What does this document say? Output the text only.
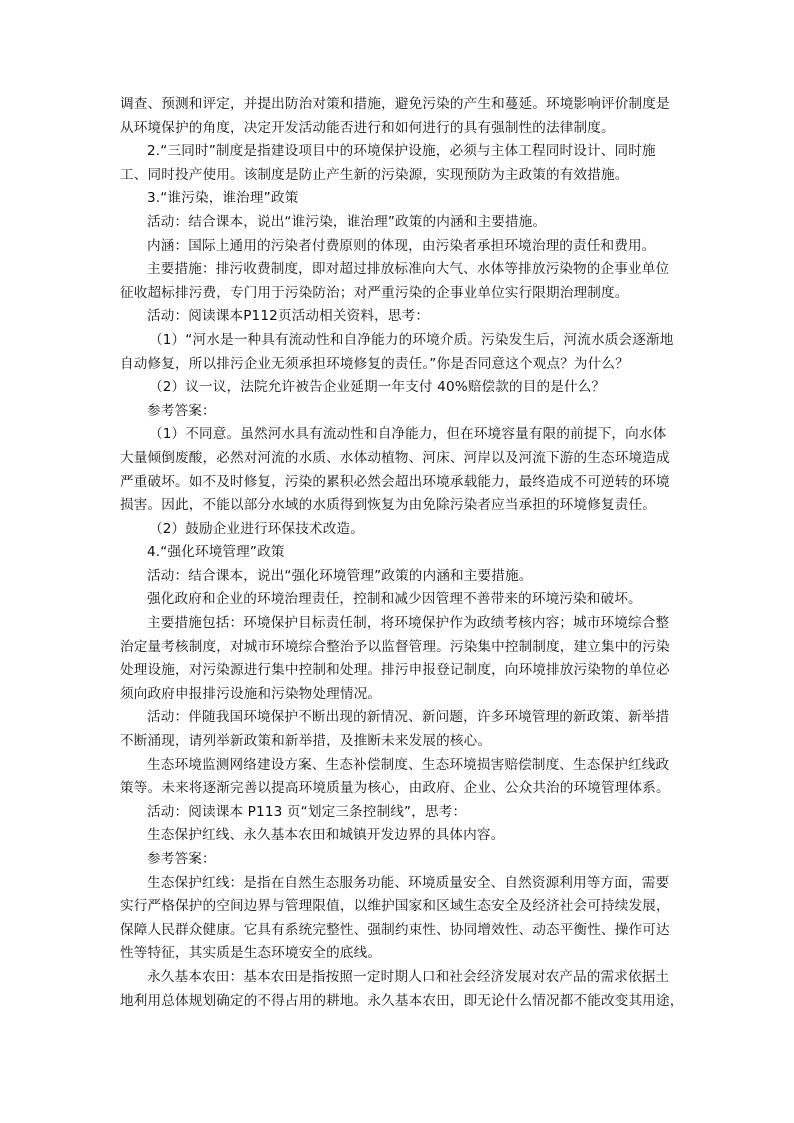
调查、预测和评定，并提出防治对策和措施，避免污染的产生和蔓延。环境影响评价制度是
从环境保护的角度，决定开发活动能否进行和如何进行的具有强制性的法律制度。
2.“三同时”制度是指建设项目中的环境保护设施，必须与主体工程同时设计、同时施
工、同时投产使用。该制度是防止产生新的污染源，实现预防为主政策的有效措施。
3.“谁污染，谁治理”政策
活动：结合课本，说出“谁污染，谁治理”政策的内涵和主要措施。
内涵：国际上通用的污染者付费原则的体现，由污染者承担环境治理的责任和费用。
主要措施：排污收费制度，即对超过排放标准向大气、水体等排放污染物的企事业单位
征收超标排污费，专门用于污染防治；对严重污染的企事业单位实行限期治理制度。
活动：阅读课本P112页活动相关资料，思考：
（1）“河水是一种具有流动性和自净能力的环境介质。污染发生后，河流水质会逐渐地
自动修复，所以排污企业无须承担环境修复的责任。”你是否同意这个观点？为什么？
（2）议一议，法院允许被告企业延期一年支付 40%赔偿款的目的是什么？
参考答案：
（1）不同意。虽然河水具有流动性和自净能力，但在环境容量有限的前提下，向水体
大量倾倒废酸，必然对河流的水质、水体动植物、河床、河岸以及河流下游的生态环境造成
严重破坏。如不及时修复，污染的累积必然会超出环境承载能力，最终造成不可逆转的环境
损害。因此，不能以部分水域的水质得到恢复为由免除污染者应当承担的环境修复责任。
（2）鼓励企业进行环保技术改造。
4.“强化环境管理”政策
活动：结合课本，说出“强化环境管理”政策的内涵和主要措施。
强化政府和企业的环境治理责任，控制和减少因管理不善带来的环境污染和破坏。
主要措施包括：环境保护目标责任制，将环境保护作为政绩考核内容；城市环境综合整
治定量考核制度，对城市环境综合整治予以监督管理。污染集中控制制度，建立集中的污染
处理设施，对污染源进行集中控制和处理。排污申报登记制度，向环境排放污染物的单位必
须向政府申报排污设施和污染物处理情况。
活动：伴随我国环境保护不断出现的新情况、新问题，许多环境管理的新政策、新举措
不断涌现，请列举新政策和新举措，及推断未来发展的核心。
生态环境监测网络建设方案、生态补偿制度、生态环境损害赔偿制度、生态保护红线政
策等。未来将逐渐完善以提高环境质量为核心，由政府、企业、公众共治的环境管理体系。
活动：阅读课本 P113 页“划定三条控制线”，思考：
生态保护红线、永久基本农田和城镇开发边界的具体内容。
参考答案：
生态保护红线：是指在自然生态服务功能、环境质量安全、自然资源利用等方面，需要
实行严格保护的空间边界与管理限值，以维护国家和区域生态安全及经济社会可持续发展，
保障人民群众健康。它具有系统完整性、强制约束性、协同增效性、动态平衡性、操作可达
性等特征，其实质是生态环境安全的底线。
永久基本农田：基本农田是指按照一定时期人口和社会经济发展对农产品的需求依据土
地利用总体规划确定的不得占用的耕地。永久基本农田，即无论什么情况都不能改变其用途，
